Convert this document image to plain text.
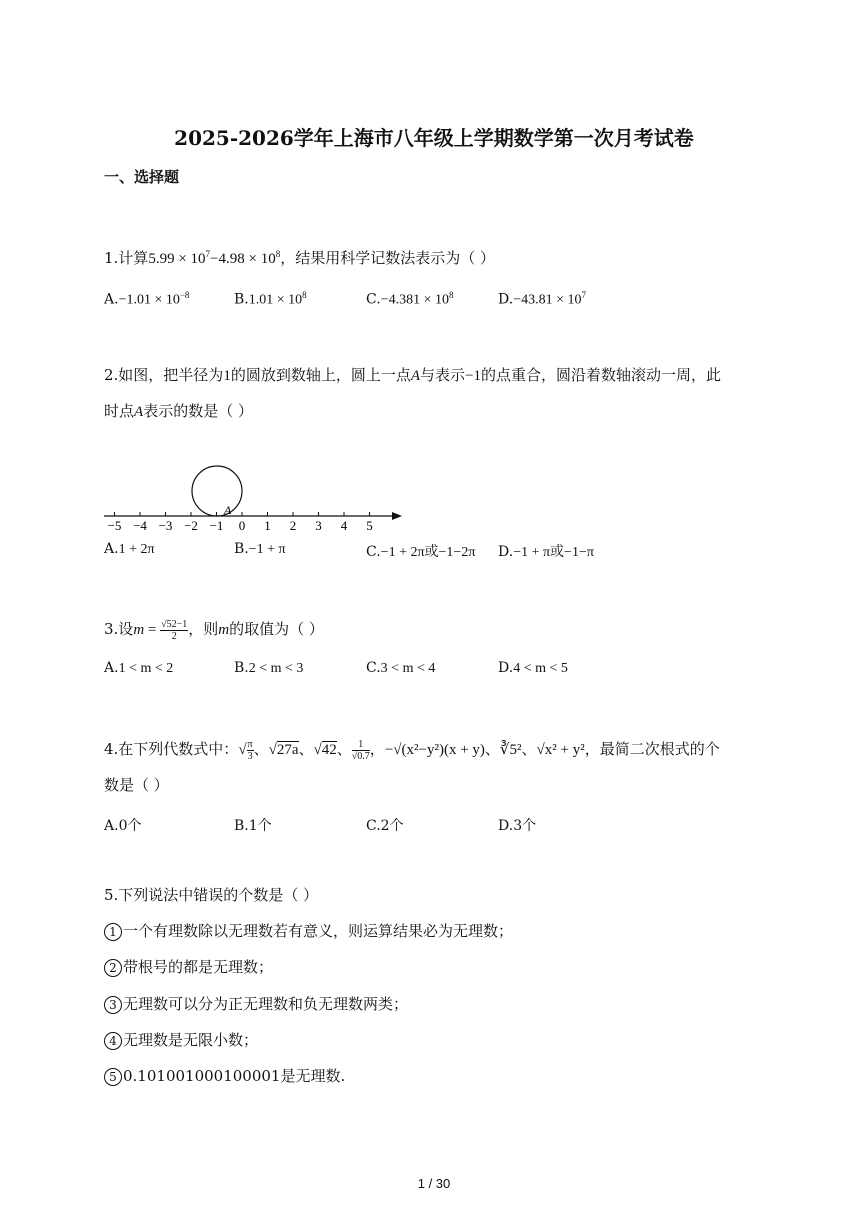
2025-2026学年上海市八年级上学期数学第一次月考试卷
一、选择题
1.计算$5.99 \times 10^7-4.98 \times 10^8$，结果用科学记数法表示为（ ）
$A.-1.01 \times 10^{-8}$	$B.1.01 \times 10^8$	$C.-4.381 \times 10^8$	$D.-43.81 \times 10^7$
2.如图，把半径为1的圆放到数轴上，圆上一点A与表示−1的点重合，圆沿着数轴滚动一周，此
时点A表示的数是（ ）
−5 −4 −3 −2 −1 0 1 2 3 4 5
A
A.1 + 2π	B.−1 + π	C.−1 + 2π或−1−2π D.−1 + π或−1−π
3.设$m = \frac{√52-1}{2}$ ，则m的取值为（ ）
A.1 < m < 2	B.2 < m < 3	C.3 < m < 4	D.4 < m < 5
4.在下列代数式中：√ $\frac{\pi}{3}$ 、√27a、√42、 $\frac{1}{√0.7}$ ，−√(x²−y²)(x + y)、∛5²、√x² + y²，最简二次根式的个
数是（ ）
A.0个	B.1个	C.2个	D.3个
5.下列说法中错误的个数是（ ）
1 一个有理数除以无理数若有意义，则运算结果必为无理数；
2 带根号的都是无理数；
3 无理数可以分为正无理数和负无理数两类；
4 无理数是无限小数；
5 0.101001000100001是无理数.
1 / 30
